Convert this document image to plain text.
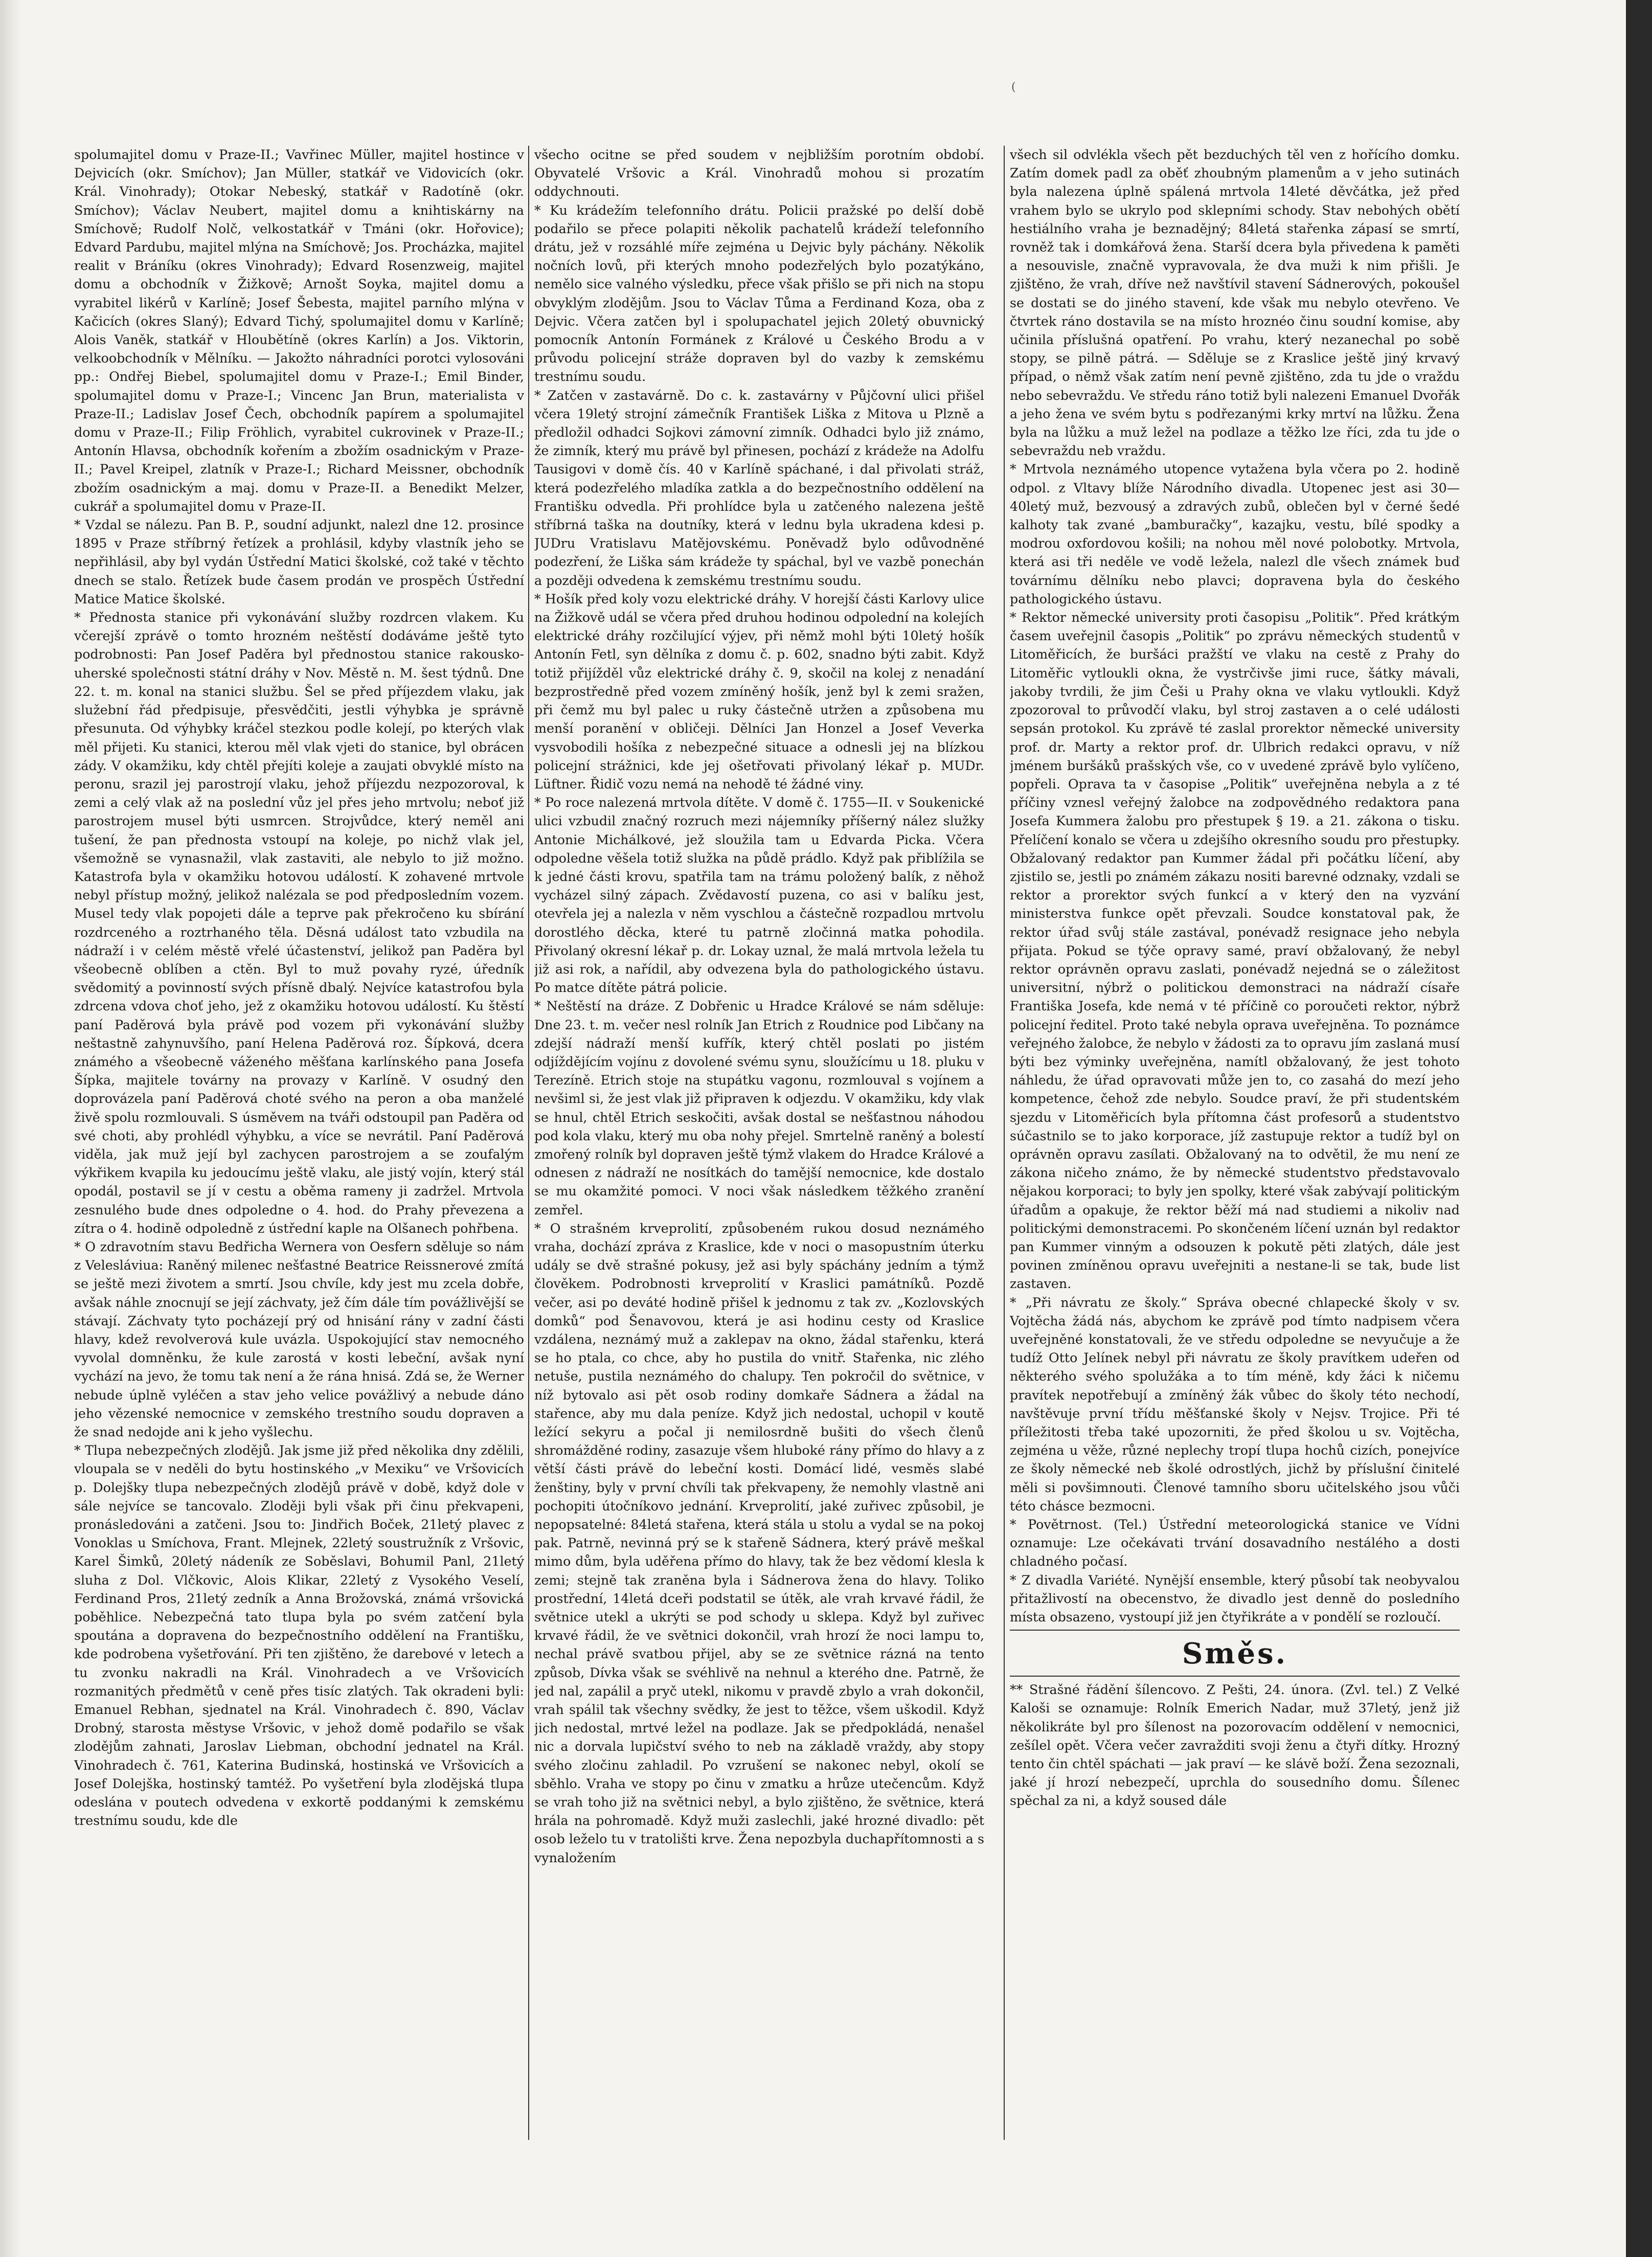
(

spolumajitel domu v Praze-II.; Vavřinec Müller, majitel hostince v Dejvicích (okr. Smíchov); Jan Müller, statkář ve Vidovicích (okr. Král. Vinohrady); Otokar Nebeský, statkář v Radotíně (okr. Smíchov); Václav Neubert, majitel domu a knihtiskárny na Smíchově; Rudolf Nolč, velkostatkář v Tmáni (okr. Hořovice); Edvard Pardubu, majitel mlýna na Smíchově; Jos. Procházka, majitel realit v Bráníku (okres Vinohrady); Edvard Rosenzweig, majitel domu a obchodník v Žižkově; Arnošt Soyka, majitel domu a vyrabitel likérů v Karlíně; Josef Šebesta, majitel parního mlýna v Kačicích (okres Slaný); Edvard Tichý, spolumajitel domu v Karlíně; Alois Vaněk, statkář v Hloubětíně (okres Karlín) a Jos. Viktorin, velkoobchodník v Mělníku. — Jakožto náhradníci porotci vylosováni pp.: Ondřej Biebel, spolumajitel domu v Praze-I.; Emil Binder, spolumajitel domu v Praze-I.; Vincenc Jan Brun, materialista v Praze-II.; Ladislav Josef Čech, obchodník papírem a spolumajitel domu v Praze-II.; Filip Fröhlich, vyrabitel cukrovinek v Praze-II.; Antonín Hlavsa, obchodník kořením a zbožím osadnickým v Praze-II.; Pavel Kreipel, zlatník v Praze-I.; Richard Meissner, obchodník zbožím osadnickým a maj. domu v Praze-II. a Benedikt Melzer, cukrář a spolumajitel domu v Praze-II.

* Vzdal se nálezu. Pan B. P., soudní adjunkt, nalezl dne 12. prosince 1895 v Praze stříbrný řetízek a prohlásil, kdyby vlastník jeho se nepřihlásil, aby byl vydán Ústřední Matici školské, což také v těchto dnech se stalo. Řetízek bude časem prodán ve prospěch Ústřední Matice Matice školské.

* Přednosta stanice při vykonávání služby rozdrcen vlakem. Ku včerejší zprávě o tomto hrozném neštěstí dodáváme ještě tyto podrobnosti: Pan Josef Paděra byl přednostou stanice rakousko-uherské společnosti státní dráhy v Nov. Městě n. M. šest týdnů. Dne 22. t. m. konal na stanici službu. Šel se před příjezdem vlaku, jak služební řád předpisuje, přesvědčiti, jestli výhybka je správně přesunuta. Od výhybky kráčel stezkou podle kolejí, po kterých vlak měl přijeti. Ku stanici, kterou měl vlak vjeti do stanice, byl obrácen zády. V okamžiku, kdy chtěl přejíti koleje a zaujati obvyklé místo na peronu, srazil jej parostrojí vlaku, jehož příjezdu nezpozoroval, k zemi a celý vlak až na poslední vůz jel přes jeho mrtvolu; neboť již parostrojem musel býti usmrcen. Strojvůdce, který neměl ani tušení, že pan přednosta vstoupí na koleje, po nichž vlak jel, všemožně se vynasnažil, vlak zastaviti, ale nebylo to již možno. Katastrofa byla v okamžiku hotovou událostí. K zohavené mrtvole nebyl přístup možný, jelikož nalézala se pod předposledním vozem. Musel tedy vlak popojeti dále a teprve pak překročeno ku sbírání rozdrceného a roztrhaného těla. Děsná událost tato vzbudila na nádraží i v celém městě vřelé účastenství, jelikož pan Paděra byl všeobecně oblíben a ctěn. Byl to muž povahy ryzé, úředník svědomitý a povinností svých přísně dbalý. Nejvíce katastrofou byla zdrcena vdova choť jeho, jež z okamžiku hotovou událostí. Ku štěstí paní Paděrová byla právě pod vozem při vykonávání služby neštastně zahynuvšího, paní Helena Paděrová roz. Šípková, dcera známého a všeobecně váženého měšťana karlínského pana Josefa Šípka, majitele továrny na provazy v Karlíně. V osudný den doprovázela paní Paděrová choté svého na peron a oba manželé živě spolu rozmlouvali. S úsměvem na tváři odstoupil pan Paděra od své choti, aby prohlédl výhybku, a více se nevrátil. Paní Paděrová viděla, jak muž její byl zachycen parostrojem a se zoufalým výkřikem kvapila ku jedoucímu ještě vlaku, ale jistý vojín, který stál opodál, postavil se jí v cestu a oběma rameny ji zadržel. Mrtvola zesnulého bude dnes odpoledne o 4. hod. do Prahy převezena a zítra o 4. hodině odpoledně z ústřední kaple na Olšanech pohřbena.

* O zdravotním stavu Bedřicha Wernera von Oesfern sděluje so nám z Velesláviua: Raněný milenec nešťastné Beatrice Reissnerové zmítá se ještě mezi životem a smrtí. Jsou chvíle, kdy jest mu zcela dobře, avšak náhle znocnují se její záchvaty, jež čím dále tím povážlivější se stávají. Záchvaty tyto pocházejí prý od hnisání rány v zadní části hlavy, kdež revolverová kule uvázla. Uspokojující stav nemocného vyvolal domněnku, že kule zarostá v kosti lebeční, avšak nyní vychází na jevo, že tomu tak není a že rána hnisá. Zdá se, že Werner nebude úplně vyléčen a stav jeho velice povážlivý a nebude dáno jeho vězenské nemocnice v zemského trestního soudu dopraven a že snad nedojde ani k jeho vyšlechu.

* Tlupa nebezpečných zlodějů. Jak jsme již před několika dny zdělili, vloupala se v neděli do bytu hostinského „v Mexiku“ ve Vršovicích p. Dolejšky tlupa nebezpečných zlodějů právě v době, když dole v sále nejvíce se tancovalo. Zloději byli však při činu překvapeni, pronásledováni a zatčeni. Jsou to: Jindřich Boček, 21letý plavec z Vonoklas u Smíchova, Frant. Mlejnek, 22letý soustružník z Vršovic, Karel Šimků, 20letý nádeník ze Soběslavi, Bohumil Panl, 21letý sluha z Dol. Vlčkovic, Alois Klikar, 22letý z Vysokého Veselí, Ferdinand Pros, 21letý zedník a Anna Brožovská, známá vršovická poběhlice. Nebezpečná tato tlupa byla po svém zatčení byla spoutána a dopravena do bezpečnostního oddělení na Františku, kde podrobena vyšetřování. Při ten zjištěno, že darebové v letech a tu zvonku nakradli na Král. Vinohradech a ve Vršovicích rozmanitých předmětů v ceně přes tisíc zlatých. Tak okradeni byli: Emanuel Rebhan, sjednatel na Král. Vinohradech č. 890, Václav Drobný, starosta městyse Vršovic, v jehož domě podařilo se však zlodějům zahnati, Jaroslav Liebman, obchodní jednatel na Král. Vinohradech č. 761, Katerina Budinská, hostinská ve Vršovicích a Josef Dolejška, hostinský tamtéž. Po vyšetření byla zlodějská tlupa odeslána v poutech odvedena v exkortě poddanými k zemskému trestnímu soudu, kde dle

všecho ocitne se před soudem v nejbližším porotním období. Obyvatelé Vršovic a Král. Vinohradů mohou si prozatím oddychnouti.

* Ku krádežím telefonního drátu. Policii pražské po delší době podařilo se přece polapiti několik pachatelů krádeží telefonního drátu, jež v rozsáhlé míře zejména u Dejvic byly páchány. Několik nočních lovů, při kterých mnoho podezřelých bylo pozatýkáno, nemělo sice valného výsledku, přece však přišlo se při nich na stopu obvyklým zlodějům. Jsou to Václav Tůma a Ferdinand Koza, oba z Dejvic. Včera zatčen byl i spolupachatel jejich 20letý obuvnický pomocník Antonín Formánek z Králové u Českého Brodu a v průvodu policejní stráže dopraven byl do vazby k zemskému trestnímu soudu.

* Zatčen v zastavárně. Do c. k. zastavárny v Půjčovní ulici přišel včera 19letý strojní zámečník František Liška z Mitova u Plzně a předložil odhadci Sojkovi zámovní zimník. Odhadci bylo již známo, že zimník, který mu právě byl přinesen, pochází z krádeže na Adolfu Tausigovi v domě čís. 40 v Karlíně spáchané, i dal přivolati stráž, která podezřelého mladíka zatkla a do bezpečnostního oddělení na Františku odvedla. Při prohlídce byla u zatčeného nalezena ještě stříbrná taška na doutníky, která v lednu byla ukradena kdesi p. JUDru Vratislavu Matějovskému. Poněvadž bylo odůvodněné podezření, že Liška sám krádeže ty spáchal, byl ve vazbě ponechán a později odvedena k zemskému trestnímu soudu.

* Hošík před koly vozu elektrické dráhy. V horejší části Karlovy ulice na Žižkově udál se včera před druhou hodinou odpolední na kolejích elektrické dráhy rozčilující výjev, při němž mohl býti 10letý hošík Antonín Fetl, syn dělníka z domu č. p. 602, snadno býti zabit. Když totiž přijížděl vůz elektrické dráhy č. 9, skočil na kolej z nenadání bezprostředně před vozem zmíněný hošík, jenž byl k zemi sražen, při čemž mu byl palec u ruky částečně utržen a způsobena mu menší poranění v obličeji. Dělníci Jan Honzel a Josef Veverka vysvobodili hošíka z nebezpečné situace a odnesli jej na blízkou policejní strážnici, kde jej ošetřovati přivolaný lékař p. MUDr. Lüftner. Řidič vozu nemá na nehodě té žádné viny.

* Po roce nalezená mrtvola dítěte. V domě č. 1755—II. v Soukenické ulici vzbudil značný rozruch mezi nájemníky příšerný nález služky Antonie Michálkové, jež sloužila tam u Edvarda Picka. Včera odpoledne věšela totiž služka na půdě prádlo. Když pak přiblížila se k jedné části krovu, spatřila tam na trámu položený balík, z něhož vycházel silný zápach. Zvědavostí puzena, co asi v balíku jest, otevřela jej a nalezla v něm vyschlou a částečně rozpadlou mrtvolu dorostlého děcka, které tu patrně zločinná matka pohodila. Přivolaný okresní lékař p. dr. Lokay uznal, že malá mrtvola ležela tu již asi rok, a nařídil, aby odvezena byla do pathologického ústavu. Po matce dítěte pátrá policie.

* Neštěstí na dráze. Z Dobřenic u Hradce Králové se nám sděluje: Dne 23. t. m. večer nesl rolník Jan Etrich z Roudnice pod Libčany na zdejší nádraží menší kufřík, který chtěl poslati po jistém odjíždějícím vojínu z dovolené svému synu, sloužícímu u 18. pluku v Terezíně. Etrich stoje na stupátku vagonu, rozmlouval s vojínem a nevšiml si, že jest vlak již připraven k odjezdu. V okamžiku, kdy vlak se hnul, chtěl Etrich seskočiti, avšak dostal se nešťastnou náhodou pod kola vlaku, který mu oba nohy přejel. Smrtelně raněný a bolestí zmořený rolník byl dopraven ještě týmž vlakem do Hradce Králové a odnesen z nádraží ne nosítkách do tamější nemocnice, kde dostalo se mu okamžité pomoci. V noci však následkem těžkého zranění zemřel.

* O strašném krveprolití, způsobeném rukou dosud neznámého vraha, dochází zpráva z Kraslice, kde v noci o masopustním úterku udály se dvě strašné pokusy, jež asi byly spáchány jedním a týmž člověkem. Podrobnosti krveprolití v Kraslici památníků. Pozdě večer, asi po deváté hodině přišel k jednomu z tak zv. „Kozlovských domků“ pod Šenavovou, která je asi hodinu cesty od Kraslice vzdálena, neznámý muž a zaklepav na okno, žádal stařenku, která se ho ptala, co chce, aby ho pustila do vnitř. Stařenka, nic zlého netuše, pustila neznámého do chalupy. Ten pokročil do světnice, v níž bytovalo asi pět osob rodiny domkaře Sádnera a žádal na stařence, aby mu dala peníze. Když jich nedostal, uchopil v koutě ležící sekyru a počal ji nemilosrdně bušiti do všech členů shromážděné rodiny, zasazuje všem hluboké rány přímo do hlavy a z větší části právě do lebeční kosti. Domácí lidé, vesměs slabé ženštiny, byly v první chvíli tak překvapeny, že nemohly vlastně ani pochopiti útočníkovo jednání. Krveprolití, jaké zuřivec způsobil, je nepopsatelné: 84letá stařena, která stála u stolu a vydal se na pokoj pak. Patrně, nevinná prý se k stařeně Sádnera, který právě meškal mimo dům, byla uděřena přímo do hlavy, tak že bez vědomí klesla k zemi; stejně tak zraněna byla i Sádnerova žena do hlavy. Toliko prostřední, 14letá dceři podstatil se útěk, ale vrah krvavé řádil, že světnice utekl a ukrýti se pod schody u sklepa. Když byl zuřivec krvavé řádil, že ve světnici dokončil, vrah hrozí že noci lampu to, nechal právě svatbou přijel, aby se ze světnice rázná na tento způsob, Dívka však se svéhlivě na nehnul a kterého dne. Patrně, že jed nal, zapálil a pryč utekl, nikomu v pravdě zbylo a vrah dokončil, vrah spálil tak všechny svědky, že jest to těžce, všem uškodil. Když jich nedostal, mrtvé ležel na podlaze. Jak se předpokládá, nenašel nic a dorvala lupičství svého to neb na základě vraždy, aby stopy svého zločinu zahladil. Po vzrušení se nakonec nebyl, okolí se sběhlo. Vraha ve stopy po činu v zmatku a hrůze utečencům. Když se vrah toho již na světnici nebyl, a bylo zjištěno, že světnice, která hrála na pohromadě. Když muži zaslechli, jaké hrozné divadlo: pět osob leželo tu v tratolišti krve. Žena nepozbyla duchapřítomnosti a s vynaložením

všech sil odvlékla všech pět bezduchých těl ven z hořícího domku. Zatím domek padl za oběť zhoubným plamenům a v jeho sutinách byla nalezena úplně spálená mrtvola 14leté děvčátka, jež před vrahem bylo se ukrylo pod sklepními schody. Stav nebohých obětí hestiálního vraha je beznadějný; 84letá stařenka zápasí se smrtí, rovněž tak i domkářová žena. Starší dcera byla přivedena k paměti a nesouvisle, značně vypravovala, že dva muži k nim přišli. Je zjištěno, že vrah, dříve než navštívil stavení Sádnerových, pokoušel se dostati se do jiného stavení, kde však mu nebylo otevřeno. Ve čtvrtek ráno dostavila se na místo hroznéo činu soudní komise, aby učinila příslušná opatření. Po vrahu, který nezanechal po sobě stopy, se pilně pátrá. — Sděluje se z Kraslice ještě jiný krvavý případ, o němž však zatím není pevně zjištěno, zda tu jde o vraždu nebo sebevraždu. Ve středu ráno totiž byli nalezeni Emanuel Dvořák a jeho žena ve svém bytu s podřezanými krky mrtví na lůžku. Žena byla na lůžku a muž ležel na podlaze a těžko lze říci, zda tu jde o sebevraždu neb vraždu.

* Mrtvola neznámého utopence vytažena byla včera po 2. hodině odpol. z Vltavy blíže Národního divadla. Utopenec jest asi 30—40letý muž, bezvousý a zdravých zubů, oblečen byl v černé šedé kalhoty tak zvané „bamburačky“, kazajku, vestu, bílé spodky a modrou oxfordovou košili; na nohou měl nové polobotky. Mrtvola, která asi tři neděle ve vodě ležela, nalezl dle všech známek buď továrnímu dělníku nebo plavci; dopravena byla do českého pathologického ústavu.

* Rektor německé university proti časopisu „Politik“. Před krátkým časem uveřejnil časopis „Politik“ po zprávu německých studentů v Litoměřicích, že buršáci pražští ve vlaku na cestě z Prahy do Litoměřic vytloukli okna, že vystrčivše jimi ruce, šátky mávali, jakoby tvrdili, že jim Češi u Prahy okna ve vlaku vytloukli. Když zpozoroval to průvodčí vlaku, byl stroj zastaven a o celé události sepsán protokol. Ku zprávě té zaslal prorektor německé university prof. dr. Marty a rektor prof. dr. Ulbrich redakci opravu, v níž jménem buršáků prašských vše, co v uvedené zprávě bylo vylíčeno, popřeli. Oprava ta v časopise „Politik“ uveřejněna nebyla a z té příčiny vznesl veřejný žalobce na zodpovědného redaktora pana Josefa Kummera žalobu pro přestupek § 19. a 21. zákona o tisku. Přelíčení konalo se včera u zdejšího okresního soudu pro přestupky. Obžalovaný redaktor pan Kummer žádal při počátku líčení, aby zjistilo se, jestli po známém zákazu nositi barevné odznaky, vzdali se rektor a prorektor svých funkcí a v který den na vyzvání ministerstva funkce opět převzali. Soudce konstatoval pak, že rektor úřad svůj stále zastával, ponévadž resignace jeho nebyla přijata. Pokud se týče opravy samé, praví obžalovaný, že nebyl rektor oprávněn opravu zaslati, ponévadž nejedná se o záležitost universitní, nýbrž o politickou demonstraci na nádraží císaře Františka Josefa, kde nemá v té příčině co poroučeti rektor, nýbrž policejní ředitel. Proto také nebyla oprava uveřejněna. To poznámce veřejného žalobce, že nebylo v žádosti za to opravu jím zaslaná musí býti bez výminky uveřejněna, namítl obžalovaný, že jest tohoto náhledu, že úřad opravovati může jen to, co zasahá do mezí jeho kompetence, čehož zde nebylo. Soudce praví, že při studentském sjezdu v Litoměřicích byla přítomna část profesorů a studentstvo súčastnilo se to jako korporace, jíž zastupuje rektor a tudíž byl on oprávněn opravu zasílati. Obžalovaný na to odvětil, že mu není ze zákona ničeho známo, že by německé studentstvo představovalo nějakou korporaci; to byly jen spolky, které však zabývají politickým úřadům a opakuje, že rektor běží má nad studiemi a nikoliv nad politickými demonstracemi. Po skončeném líčení uznán byl redaktor pan Kummer vinným a odsouzen k pokutě pěti zlatých, dále jest povinen zmíněnou opravu uveřejniti a nestane-li se tak, bude list zastaven.

* „Při návratu ze školy.“ Správa obecné chlapecké školy v sv. Vojtěcha žádá nás, abychom ke zprávě pod tímto nadpisem včera uveřejněné konstatovali, že ve středu odpoledne se nevyučuje a že tudíž Otto Jelínek nebyl při návratu ze školy pravítkem udeřen od některého svého spolužáka a to tím méně, kdy žáci k ničemu pravítek nepotřebují a zmíněný žák vůbec do školy této nechodí, navštěvuje první třídu měšťanské školy v Nejsv. Trojice. Při té příležitosti třeba také upozorniti, že před školou u sv. Vojtěcha, zejména u věže, různé neplechy tropí tlupa hochů cizích, ponejvíce ze školy německé neb školé odrostlých, jichž by příslušní činitelé měli si povšimnouti. Členové tamního sboru učitelského jsou vůči této chásce bezmocni.

* Povětrnost. (Tel.) Ústřední meteorologická stanice ve Vídni oznamuje: Lze očekávati trvání dosavadního nestálého a dosti chladného počasí.

* Z divadla Variété. Nynější ensemble, který působí tak neobyvalou přitažlivostí na obecenstvo, že divadlo jest denně do posledního místa obsazeno, vystoupí již jen čtyřikráte a v pondělí se rozloučí.

Směs.

** Strašné řádění šílencovo. Z Pešti, 24. února. (Zvl. tel.) Z Velké Kaloši se oznamuje: Rolník Emerich Nadar, muž 37letý, jenž již několikráte byl pro šílenost na pozorovacím oddělení v nemocnici, zešílel opět. Včera večer zavražditi svoji ženu a čtyři dítky. Hrozný tento čin chtěl spáchati — jak praví — ke slávě boží. Žena sezoznali, jaké jí hrozí nebezpečí, uprchla do sousedního domu. Šílenec spěchal za ni, a když soused dále
